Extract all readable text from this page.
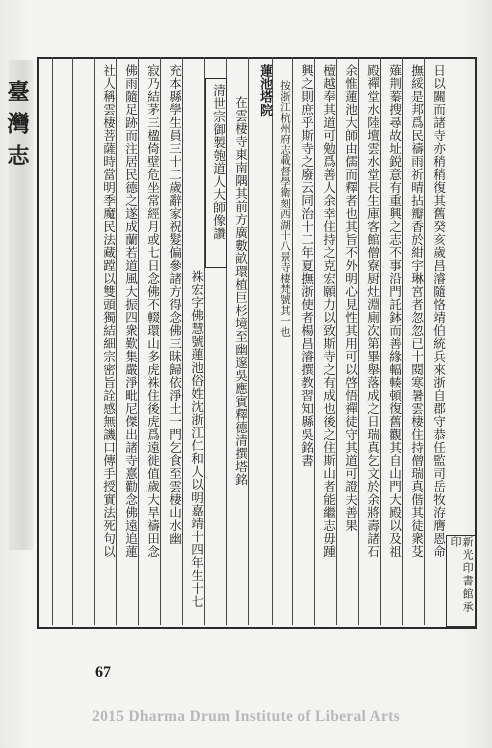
臺灣志	日以關而諸寺亦稍稍復其舊癸亥歲昌濬隨恪靖伯統兵來浙自郡守恭任監司岳牧洊膺恩命
撫綏是邦爲民禱雨祈晴拈瓣香於紺宇琳宮者忽忽已十閱寒暑雲棲住持僧瑞真偕其徒衆芟
薙荆蓁搜尋故址鋭意有重興之志不事沿門託鉢而善緣輻輳頓復舊觀其自山門大殿以及祖
殿禪堂水陸壇雲水堂長生庫客館僧寮厨灶淵廁次第畢舉落成之日瑞真乞文於余將壽諸石
余惟蓮池大師由儒而釋者也其旨不外明心見性其用可以啓悟禪徒守其道可證夫善果
檀越奉其道可勉爲善人余幸住持之克宏願力以致斯寺之有成也後之住斯山者能繼志毋踵
興之則庶乎斯寺之廢云同治十二年夏撫浙使者楊昌濬撰教習知縣吳銘書
按浙江杭州府志載督學衛刻西湖十八景寺棲梵號其一也
蓮池塔院
在雲棲寺東南隅其前方廣數畝環植巨杉境至幽邃吳應賓釋德清撰塔銘
清世宗御製匏道人大師像讚
袾宏字佛慧號蓮池俗姓沈浙江仁和人以明嘉靖十四年生十七
充本縣學生員三十二歲辭家祝髮偏參諸方得念佛三昧歸依淨土一門乞食至雲棲山水幽
寂乃結茅三楹倚壁危坐常經月或七日念佛不輟環山多虎袾住後虎爲遠徙值歲大旱禱田念
佛雨隨足跡而注居民德之遂成蘭若道風大振四衆歎集嚴淨毗尼傑出諸寺憙勸念佛遠追蓮
社人稱雲棲菩薩時當明季魔民法藏蹚以雙頭獨結細宗密旨詮感無譏口傳手授實法死句以
新光印書館承印
67
2015 Dharma Drum Institute of Liberal Arts
